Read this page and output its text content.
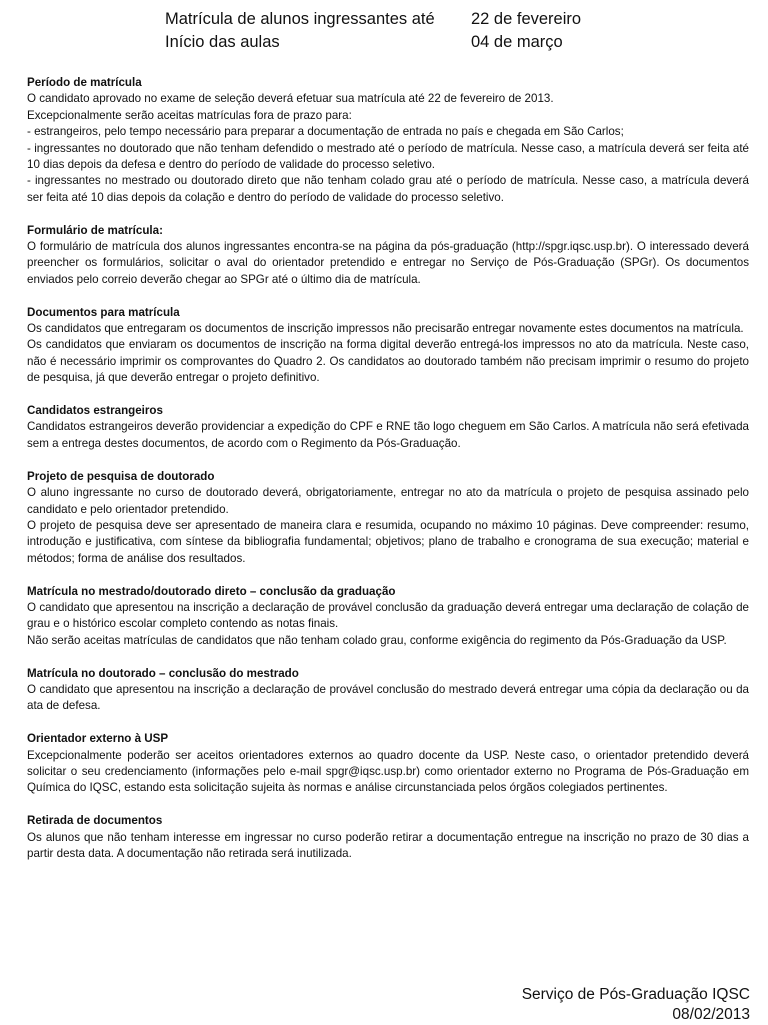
Matrícula de alunos ingressantes até	22 de fevereiro
Início das aulas	04 de março
Período de matrícula

O candidato aprovado no exame de seleção deverá efetuar sua matrícula até 22 de fevereiro de 2013.

Excepcionalmente serão aceitas matrículas fora de prazo para:

- estrangeiros, pelo tempo necessário para preparar a documentação de entrada no país e chegada em São Carlos;

- ingressantes no doutorado que não tenham defendido o mestrado até o período de matrícula. Nesse caso, a matrícula deverá ser feita até 10 dias depois da defesa e dentro do período de validade do processo seletivo.

- ingressantes no mestrado ou doutorado direto que não tenham colado grau até o período de matrícula. Nesse caso, a matrícula deverá ser feita até 10 dias depois da colação e dentro do período de validade do processo seletivo.

Formulário de matrícula:

O formulário de matrícula dos alunos ingressantes encontra-se na página da pós-graduação (http://spgr.iqsc.usp.br). O interessado deverá preencher os formulários, solicitar o aval do orientador pretendido e entregar no Serviço de Pós-Graduação (SPGr). Os documentos enviados pelo correio deverão chegar ao SPGr até o último dia de matrícula.

Documentos para matrícula

Os candidatos que entregaram os documentos de inscrição impressos não precisarão entregar novamente estes documentos na matrícula.

Os candidatos que enviaram os documentos de inscrição na forma digital deverão entregá-los impressos no ato da matrícula. Neste caso, não é necessário imprimir os comprovantes do Quadro 2. Os candidatos ao doutorado também não precisam imprimir o resumo do projeto de pesquisa, já que deverão entregar o projeto definitivo.

Candidatos estrangeiros

Candidatos estrangeiros deverão providenciar a expedição do CPF e RNE tão logo cheguem em São Carlos. A matrícula não será efetivada sem a entrega destes documentos, de acordo com o Regimento da Pós-Graduação.

Projeto de pesquisa de doutorado

O aluno ingressante no curso de doutorado deverá, obrigatoriamente, entregar no ato da matrícula o projeto de pesquisa assinado pelo candidato e pelo orientador pretendido.

O projeto de pesquisa deve ser apresentado de maneira clara e resumida, ocupando no máximo 10 páginas. Deve compreender: resumo, introdução e justificativa, com síntese da bibliografia fundamental; objetivos; plano de trabalho e cronograma de sua execução; material e métodos; forma de análise dos resultados.

Matrícula no mestrado/doutorado direto – conclusão da graduação

O candidato que apresentou na inscrição a declaração de provável conclusão da graduação deverá entregar uma declaração de colação de grau e o histórico escolar completo contendo as notas finais.

Não serão aceitas matrículas de candidatos que não tenham colado grau, conforme exigência do regimento da Pós-Graduação da USP.

Matrícula no doutorado – conclusão do mestrado

O candidato que apresentou na inscrição a declaração de provável conclusão do mestrado deverá entregar uma cópia da declaração ou da ata de defesa.

Orientador externo à USP

Excepcionalmente poderão ser aceitos orientadores externos ao quadro docente da USP. Neste caso, o orientador pretendido deverá solicitar o seu credenciamento (informações pelo e-mail spgr@iqsc.usp.br) como orientador externo no Programa de Pós-Graduação em Química do IQSC, estando esta solicitação sujeita às normas e análise circunstanciada pelos órgãos colegiados pertinentes.

Retirada de documentos

Os alunos que não tenham interesse em ingressar no curso poderão retirar a documentação entregue na inscrição no prazo de 30 dias a partir desta data. A documentação não retirada será inutilizada.

Serviço de Pós-Graduação IQSC
08/02/2013
